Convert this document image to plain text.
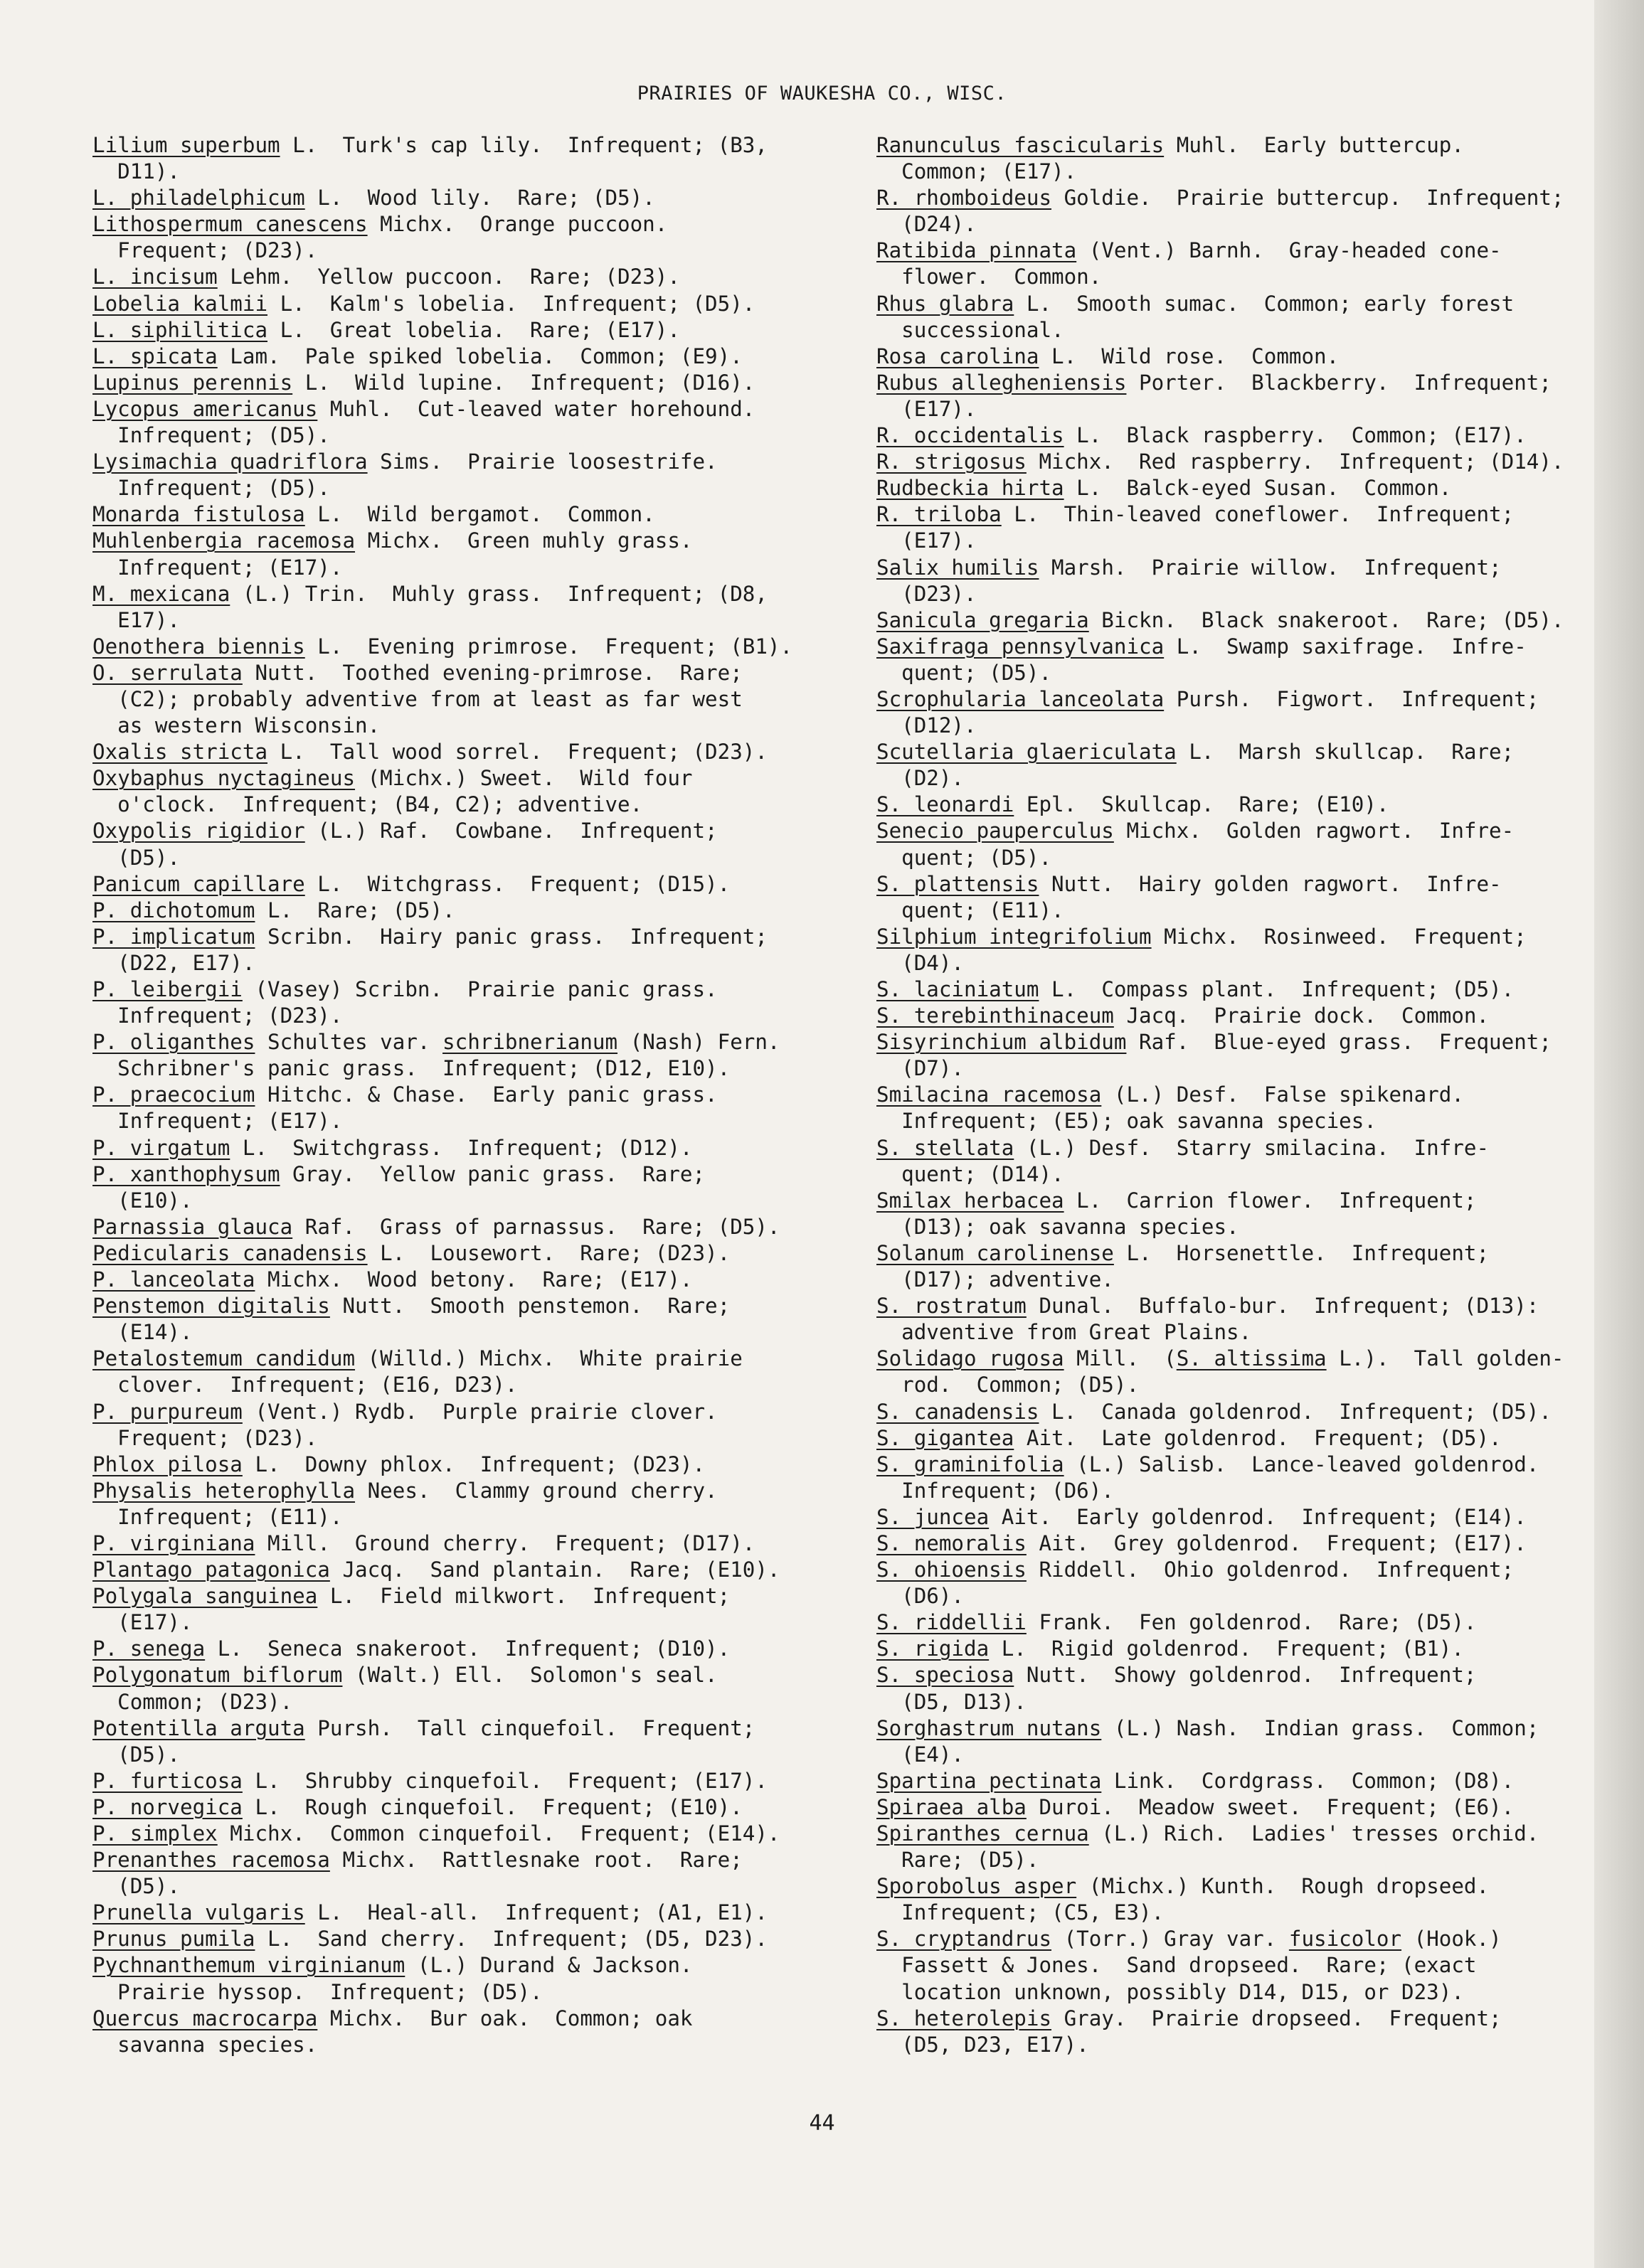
PRAIRIES OF WAUKESHA CO., WISC.
Lilium superbum L.  Turk's cap lily.  Infrequent; (B3,
D11).
L. philadelphicum L.  Wood lily.  Rare; (D5).
Lithospermum canescens Michx.  Orange puccoon.
Frequent; (D23).
L. incisum Lehm.  Yellow puccoon.  Rare; (D23).
Lobelia kalmii L.  Kalm's lobelia.  Infrequent; (D5).
L. siphilitica L.  Great lobelia.  Rare; (E17).
L. spicata Lam.  Pale spiked lobelia.  Common; (E9).
Lupinus perennis L.  Wild lupine.  Infrequent; (D16).
Lycopus americanus Muhl.  Cut-leaved water horehound.
Infrequent; (D5).
Lysimachia quadriflora Sims.  Prairie loosestrife.
Infrequent; (D5).
Monarda fistulosa L.  Wild bergamot.  Common.
Muhlenbergia racemosa Michx.  Green muhly grass.
Infrequent; (E17).
M. mexicana (L.) Trin.  Muhly grass.  Infrequent; (D8,
E17).
Oenothera biennis L.  Evening primrose.  Frequent; (B1).
O. serrulata Nutt.  Toothed evening-primrose.  Rare;
(C2); probably adventive from at least as far west
as western Wisconsin.
Oxalis stricta L.  Tall wood sorrel.  Frequent; (D23).
Oxybaphus nyctagineus (Michx.) Sweet.  Wild four
o'clock.  Infrequent; (B4, C2); adventive.
Oxypolis rigidior (L.) Raf.  Cowbane.  Infrequent;
(D5).
Panicum capillare L.  Witchgrass.  Frequent; (D15).
P. dichotomum L.  Rare; (D5).
P. implicatum Scribn.  Hairy panic grass.  Infrequent;
(D22, E17).
P. leibergii (Vasey) Scribn.  Prairie panic grass.
Infrequent; (D23).
P. oliganthes Schultes var. schribnerianum (Nash) Fern.
Schribner's panic grass.  Infrequent; (D12, E10).
P. praecocium Hitchc. & Chase.  Early panic grass.
Infrequent; (E17).
P. virgatum L.  Switchgrass.  Infrequent; (D12).
P. xanthophysum Gray.  Yellow panic grass.  Rare;
(E10).
Parnassia glauca Raf.  Grass of parnassus.  Rare; (D5).
Pedicularis canadensis L.  Lousewort.  Rare; (D23).
P. lanceolata Michx.  Wood betony.  Rare; (E17).
Penstemon digitalis Nutt.  Smooth penstemon.  Rare;
(E14).
Petalostemum candidum (Willd.) Michx.  White prairie
clover.  Infrequent; (E16, D23).
P. purpureum (Vent.) Rydb.  Purple prairie clover.
Frequent; (D23).
Phlox pilosa L.  Downy phlox.  Infrequent; (D23).
Physalis heterophylla Nees.  Clammy ground cherry.
Infrequent; (E11).
P. virginiana Mill.  Ground cherry.  Frequent; (D17).
Plantago patagonica Jacq.  Sand plantain.  Rare; (E10).
Polygala sanguinea L.  Field milkwort.  Infrequent;
(E17).
P. senega L.  Seneca snakeroot.  Infrequent; (D10).
Polygonatum biflorum (Walt.) Ell.  Solomon's seal.
Common; (D23).
Potentilla arguta Pursh.  Tall cinquefoil.  Frequent;
(D5).
P. furticosa L.  Shrubby cinquefoil.  Frequent; (E17).
P. norvegica L.  Rough cinquefoil.  Frequent; (E10).
P. simplex Michx.  Common cinquefoil.  Frequent; (E14).
Prenanthes racemosa Michx.  Rattlesnake root.  Rare;
(D5).
Prunella vulgaris L.  Heal-all.  Infrequent; (A1, E1).
Prunus pumila L.  Sand cherry.  Infrequent; (D5, D23).
Pychnanthemum virginianum (L.) Durand & Jackson.
Prairie hyssop.  Infrequent; (D5).
Quercus macrocarpa Michx.  Bur oak.  Common; oak
savanna species.
Ranunculus fascicularis Muhl.  Early buttercup.
Common; (E17).
R. rhomboideus Goldie.  Prairie buttercup.  Infrequent;
(D24).
Ratibida pinnata (Vent.) Barnh.  Gray-headed cone-
flower.  Common.
Rhus glabra L.  Smooth sumac.  Common; early forest
successional.
Rosa carolina L.  Wild rose.  Common.
Rubus allegheniensis Porter.  Blackberry.  Infrequent;
(E17).
R. occidentalis L.  Black raspberry.  Common; (E17).
R. strigosus Michx.  Red raspberry.  Infrequent; (D14).
Rudbeckia hirta L.  Balck-eyed Susan.  Common.
R. triloba L.  Thin-leaved coneflower.  Infrequent;
(E17).
Salix humilis Marsh.  Prairie willow.  Infrequent;
(D23).
Sanicula gregaria Bickn.  Black snakeroot.  Rare; (D5).
Saxifraga pennsylvanica L.  Swamp saxifrage.  Infre-
quent; (D5).
Scrophularia lanceolata Pursh.  Figwort.  Infrequent;
(D12).
Scutellaria glaericulata L.  Marsh skullcap.  Rare;
(D2).
S. leonardi Epl.  Skullcap.  Rare; (E10).
Senecio pauperculus Michx.  Golden ragwort.  Infre-
quent; (D5).
S. plattensis Nutt.  Hairy golden ragwort.  Infre-
quent; (E11).
Silphium integrifolium Michx.  Rosinweed.  Frequent;
(D4).
S. laciniatum L.  Compass plant.  Infrequent; (D5).
S. terebinthinaceum Jacq.  Prairie dock.  Common.
Sisyrinchium albidum Raf.  Blue-eyed grass.  Frequent;
(D7).
Smilacina racemosa (L.) Desf.  False spikenard.
Infrequent; (E5); oak savanna species.
S. stellata (L.) Desf.  Starry smilacina.  Infre-
quent; (D14).
Smilax herbacea L.  Carrion flower.  Infrequent;
(D13); oak savanna species.
Solanum carolinense L.  Horsenettle.  Infrequent;
(D17); adventive.
S. rostratum Dunal.  Buffalo-bur.  Infrequent; (D13):
adventive from Great Plains.
Solidago rugosa Mill.  (S. altissima L.).  Tall golden-
rod.  Common; (D5).
S. canadensis L.  Canada goldenrod.  Infrequent; (D5).
S. gigantea Ait.  Late goldenrod.  Frequent; (D5).
S. graminifolia (L.) Salisb.  Lance-leaved goldenrod.
Infrequent; (D6).
S. juncea Ait.  Early goldenrod.  Infrequent; (E14).
S. nemoralis Ait.  Grey goldenrod.  Frequent; (E17).
S. ohioensis Riddell.  Ohio goldenrod.  Infrequent;
(D6).
S. riddellii Frank.  Fen goldenrod.  Rare; (D5).
S. rigida L.  Rigid goldenrod.  Frequent; (B1).
S. speciosa Nutt.  Showy goldenrod.  Infrequent;
(D5, D13).
Sorghastrum nutans (L.) Nash.  Indian grass.  Common;
(E4).
Spartina pectinata Link.  Cordgrass.  Common; (D8).
Spiraea alba Duroi.  Meadow sweet.  Frequent; (E6).
Spiranthes cernua (L.) Rich.  Ladies' tresses orchid.
Rare; (D5).
Sporobolus asper (Michx.) Kunth.  Rough dropseed.
Infrequent; (C5, E3).
S. cryptandrus (Torr.) Gray var. fusicolor (Hook.)
Fassett & Jones.  Sand dropseed.  Rare; (exact
location unknown, possibly D14, D15, or D23).
S. heterolepis Gray.  Prairie dropseed.  Frequent;
(D5, D23, E17).
44
